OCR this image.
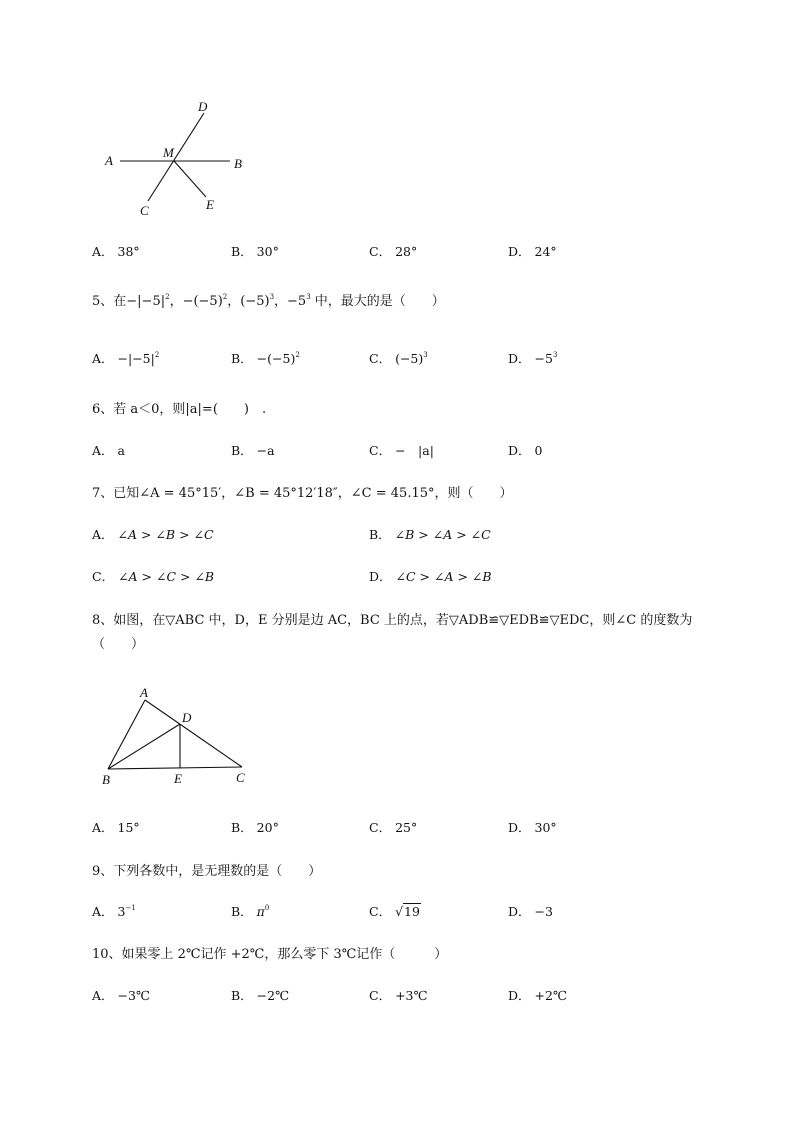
A
M
B
C
D
E
A． 38°	B． 30°	C． 28°	D． 24°
5、在$-|-5|^2$，$-(-5)^2$，$(-5)^3$，$-5^3$ 中，最大的是（　　）
A． $-|-5|^2$	B． $-(-5)^2$	C． $(-5)^3$	D． $-5^3$
6、若 a＜0，则|a|=(　　)　.
A． a	B． −a	C． −　|a|	D． 0
7、已知∠A = 45°15′，∠B = 45°12′18″，∠C = 45.15°，则（　　）
A． ∠A > ∠B > ∠C	B． ∠B > ∠A > ∠C
C． ∠A > ∠C > ∠B	D． ∠C > ∠A > ∠B
8、如图，在▽ABC 中，D，E 分别是边 AC，BC 上的点，若▽ADB≌▽EDB≌▽EDC，则∠C 的度数为
（　　）
A
D
B	E	C
A． 15°	B． 20°	C． 25°	D． 30°
9、下列各数中，是无理数的是（　　）
A． $3^{-1}$	B． $\pi^0$	C． √19	D． −3
10、如果零上 2℃记作 +2℃，那么零下 3℃记作（　　　）
A． −3℃	B． −2℃	C． +3℃	D． +2℃
